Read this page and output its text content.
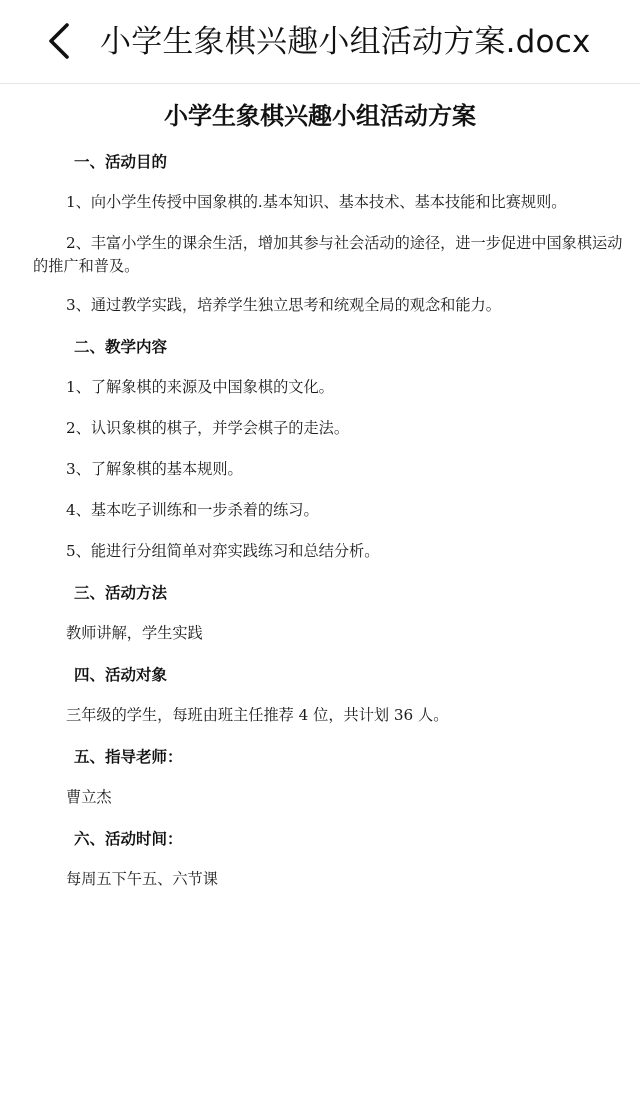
小学生象棋兴趣小组活动方案.docx
小学生象棋兴趣小组活动方案
一、活动目的
1、向小学生传授中国象棋的.基本知识、基本技术、基本技能和比赛规则。
2、丰富小学生的课余生活，增加其参与社会活动的途径，进一步促进中国象棋运动的推广和普及。
3、通过教学实践，培养学生独立思考和统观全局的观念和能力。
二、教学内容
1、了解象棋的来源及中国象棋的文化。
2、认识象棋的棋子，并学会棋子的走法。
3、了解象棋的基本规则。
4、基本吃子训练和一步杀着的练习。
5、能进行分组简单对弈实践练习和总结分析。
三、活动方法
教师讲解，学生实践
四、活动对象
三年级的学生，每班由班主任推荐 4 位，共计划 36 人。
五、指导老师：
曹立杰
六、活动时间：
每周五下午五、六节课
